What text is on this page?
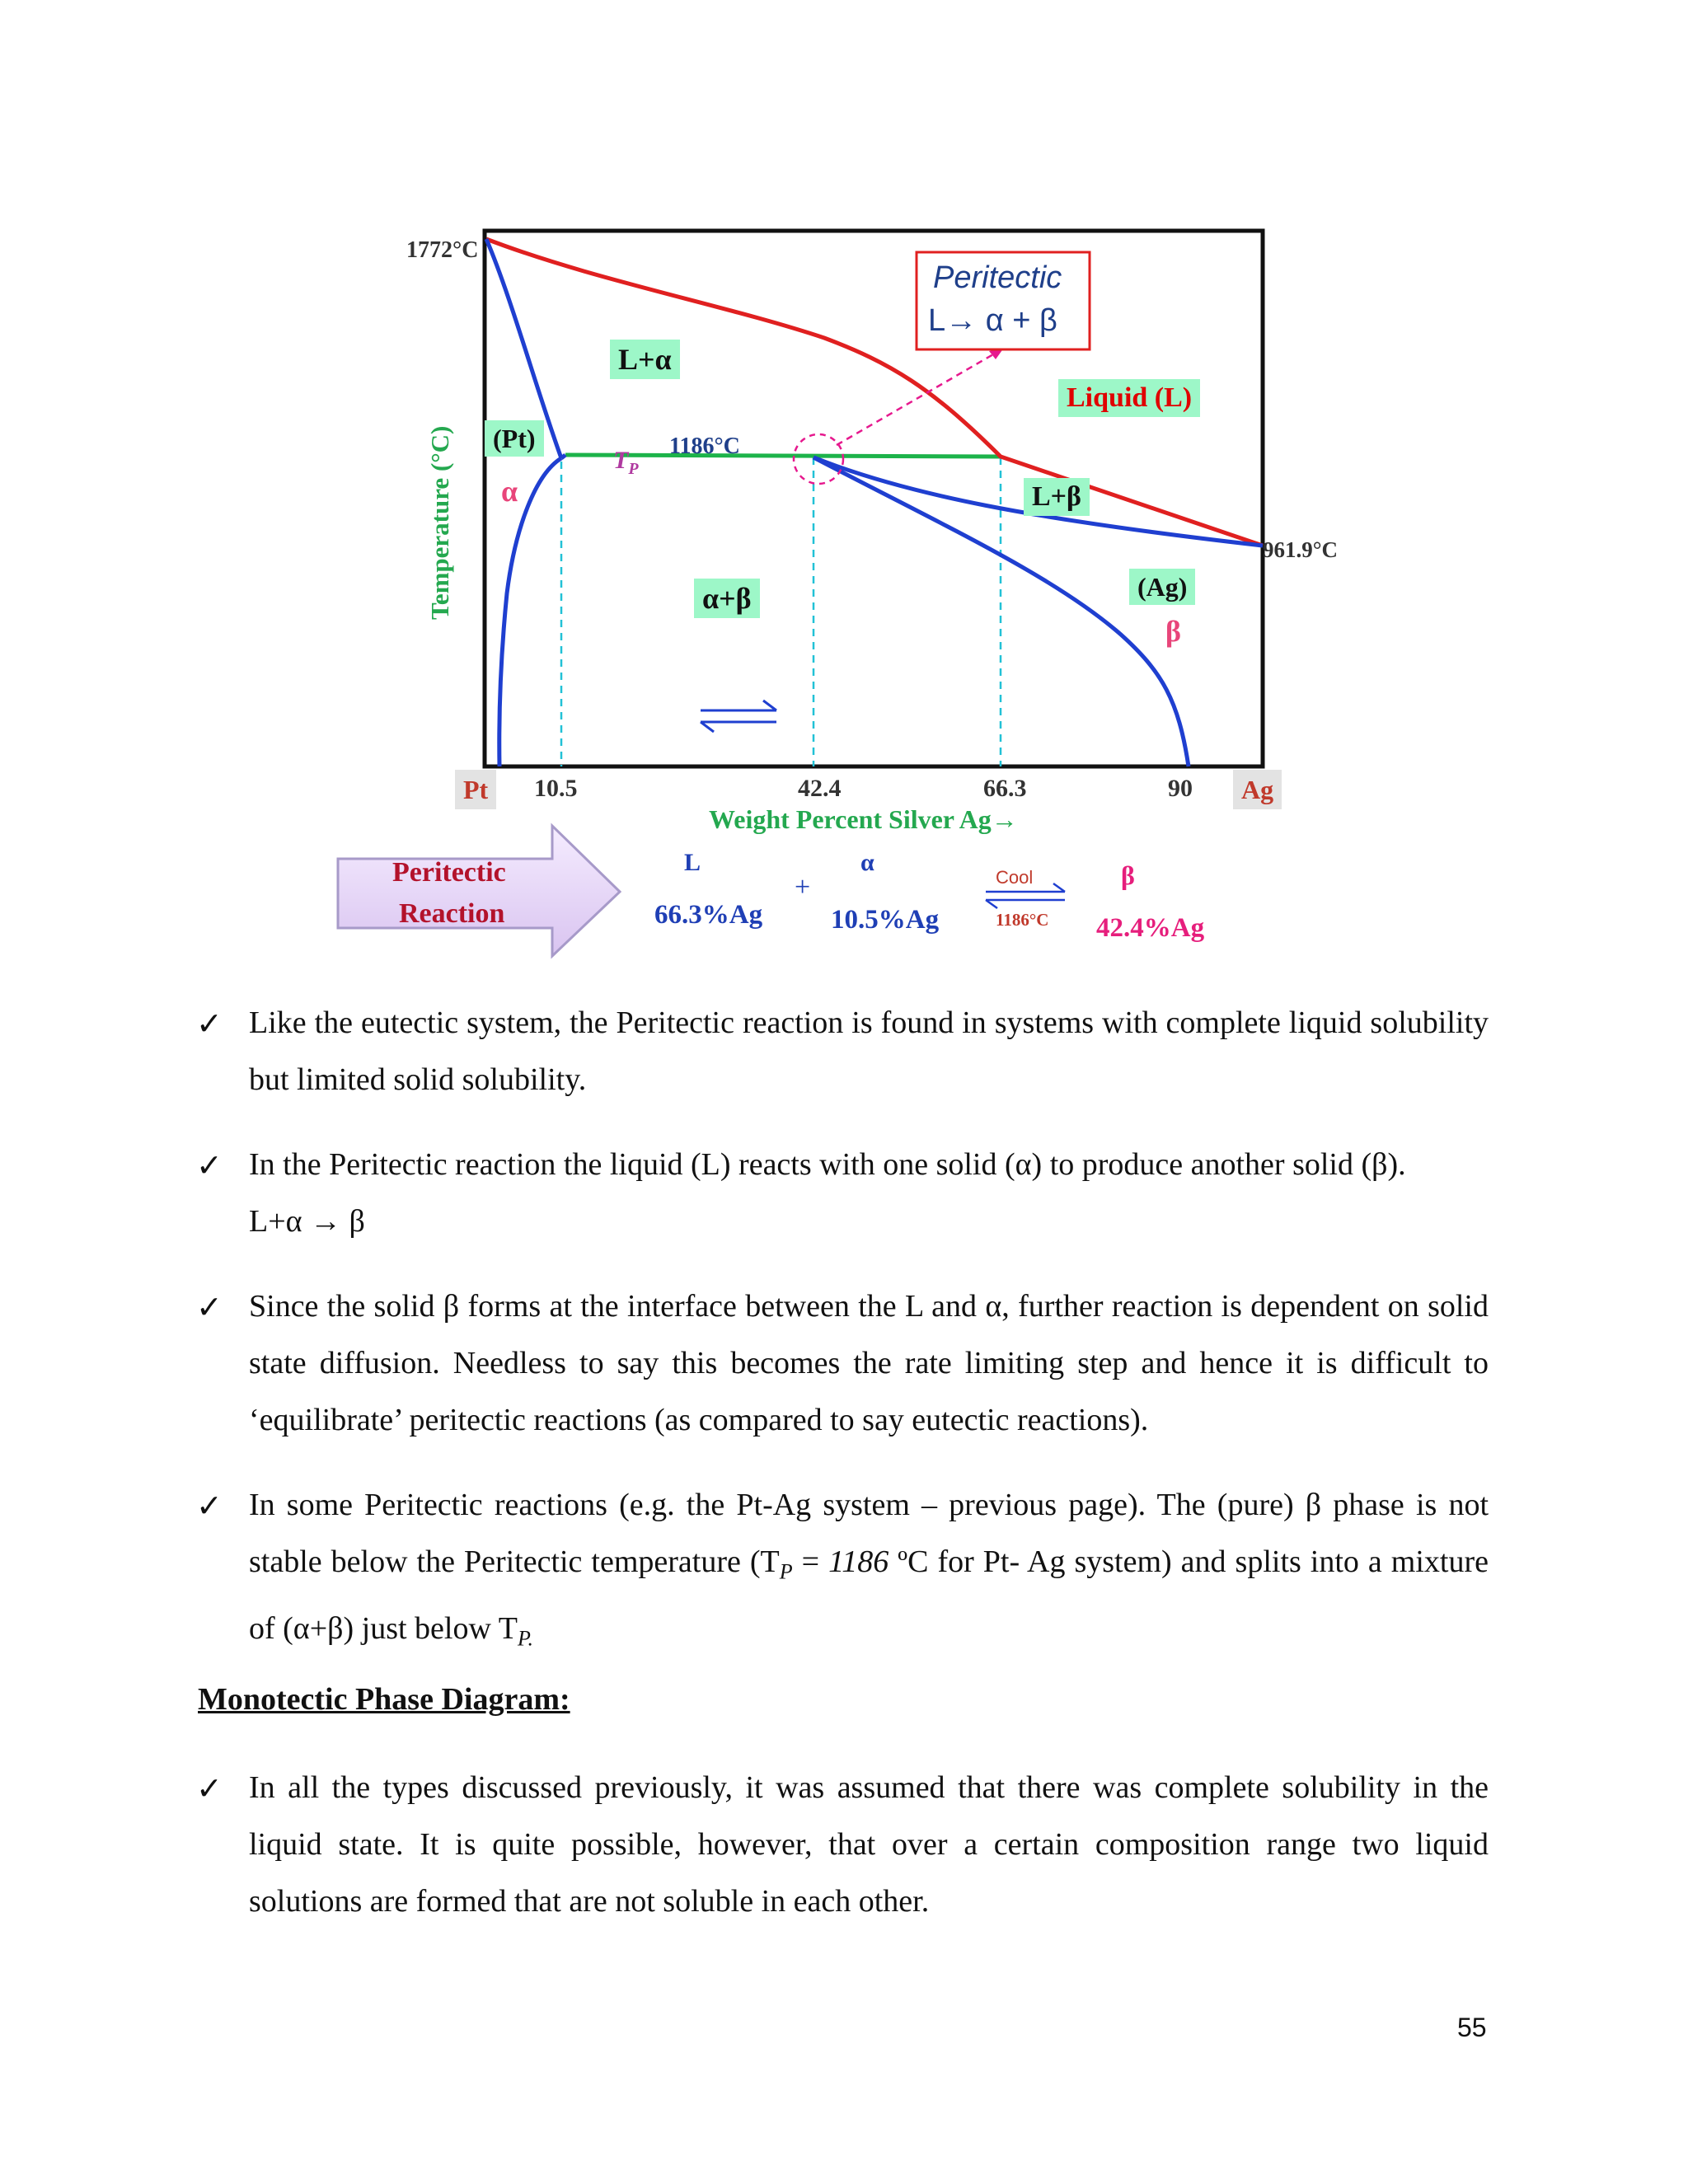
1772°C
Temperature (°C)
Pt	Ag
10.5	42.4	66.3	90
Weight Percent Silver Ag→
L+α
Liquid (L)
L+β
α+β
(Pt)
α
(Ag)
β
1186°C
961.9°C
$T_P$
Peritectic
L→ α + β
Peritectic
Reaction
L
66.3%Ag
+
α
10.5%Ag
Cool
1186°C
β
42.4%Ag
✓ Like the eutectic system, the Peritectic reaction is found in systems with complete liquid solubility but limited solid solubility.
✓ In the Peritectic reaction the liquid (L) reacts with one solid (α) to produce another solid (β).
L+α → β
✓ Since the solid β forms at the interface between the L and α, further reaction is dependent on solid state diffusion. Needless to say this becomes the rate limiting step and hence it is difficult to ‘equilibrate’ peritectic reactions (as compared to say eutectic reactions).
✓ In some Peritectic reactions (e.g. the Pt-Ag system – previous page). The (pure) β phase is not stable below the Peritectic temperature ($T_P = 1186$ ºC for Pt- Ag system) and splits into a mixture of (α+β) just below $T_{P.}$
Monotectic Phase Diagram:
✓ In all the types discussed previously, it was assumed that there was complete solubility in the liquid state. It is quite possible, however, that over a certain composition range two liquid solutions are formed that are not soluble in each other.
55
